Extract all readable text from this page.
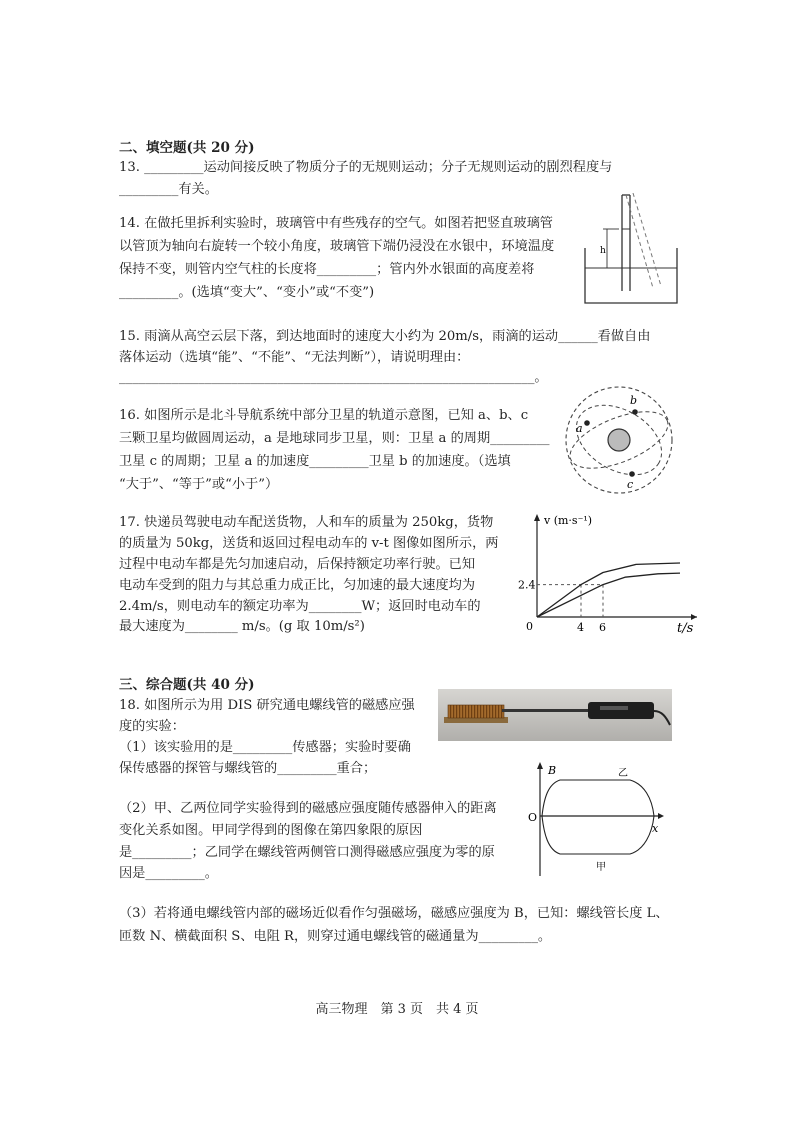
二、填空题(共 20 分)
13. _________运动间接反映了物质分子的无规则运动；分子无规则运动的剧烈程度与
_________有关。
14. 在做托里拆利实验时，玻璃管中有些残存的空气。如图若把竖直玻璃管
以管顶为轴向右旋转一个较小角度，玻璃管下端仍浸没在水银中，环境温度
保持不变，则管内空气柱的长度将_________；管内外水银面的高度差将
_________。(选填“变大”、“变小”或“不变”)
h
15. 雨滴从高空云层下落，到达地面时的速度大小约为 20m/s，雨滴的运动______看做自由
落体运动（选填“能”、“不能”、“无法判断”），请说明理由：
_______________________________________________________________。
16. 如图所示是北斗导航系统中部分卫星的轨道示意图，已知 a、b、c
三颗卫星均做圆周运动，a 是地球同步卫星，则：卫星 a 的周期_________
卫星 c 的周期；卫星 a 的加速度_________卫星 b 的加速度。（选填
“大于”、“等于”或“小于”）
a
b
c
17. 快递员驾驶电动车配送货物，人和车的质量为 250kg，货物
的质量为 50kg，送货和返回过程电动车的 v-t 图像如图所示，两
过程中电动车都是先匀加速启动，后保持额定功率行驶。已知
电动车受到的阻力与其总重力成正比，匀加速的最大速度均为
2.4m/s，则电动车的额定功率为________W；返回时电动车的
最大速度为________ m/s。(g 取 10m/s²)
v (m·s⁻¹)
t/s
0	4 6
2.4
三、综合题(共 40 分)
18. 如图所示为用 DIS 研究通电螺线管的磁感应强
度的实验：
（1）该实验用的是_________传感器；实验时要确
保传感器的探管与螺线管的_________重合；
（2）甲、乙两位同学实验得到的磁感应强度随传感器伸入的距离
变化关系如图。甲同学得到的图像在第四象限的原因
是_________；乙同学在螺线管两侧管口测得磁感应强度为零的原
因是_________。
B
O
x
乙
甲
（3）若将通电螺线管内部的磁场近似看作匀强磁场，磁感应强度为 B，已知：螺线管长度 L、
匝数 N、横截面积 S、电阻 R，则穿过通电螺线管的磁通量为_________。
高三物理　第 3 页　共 4 页
